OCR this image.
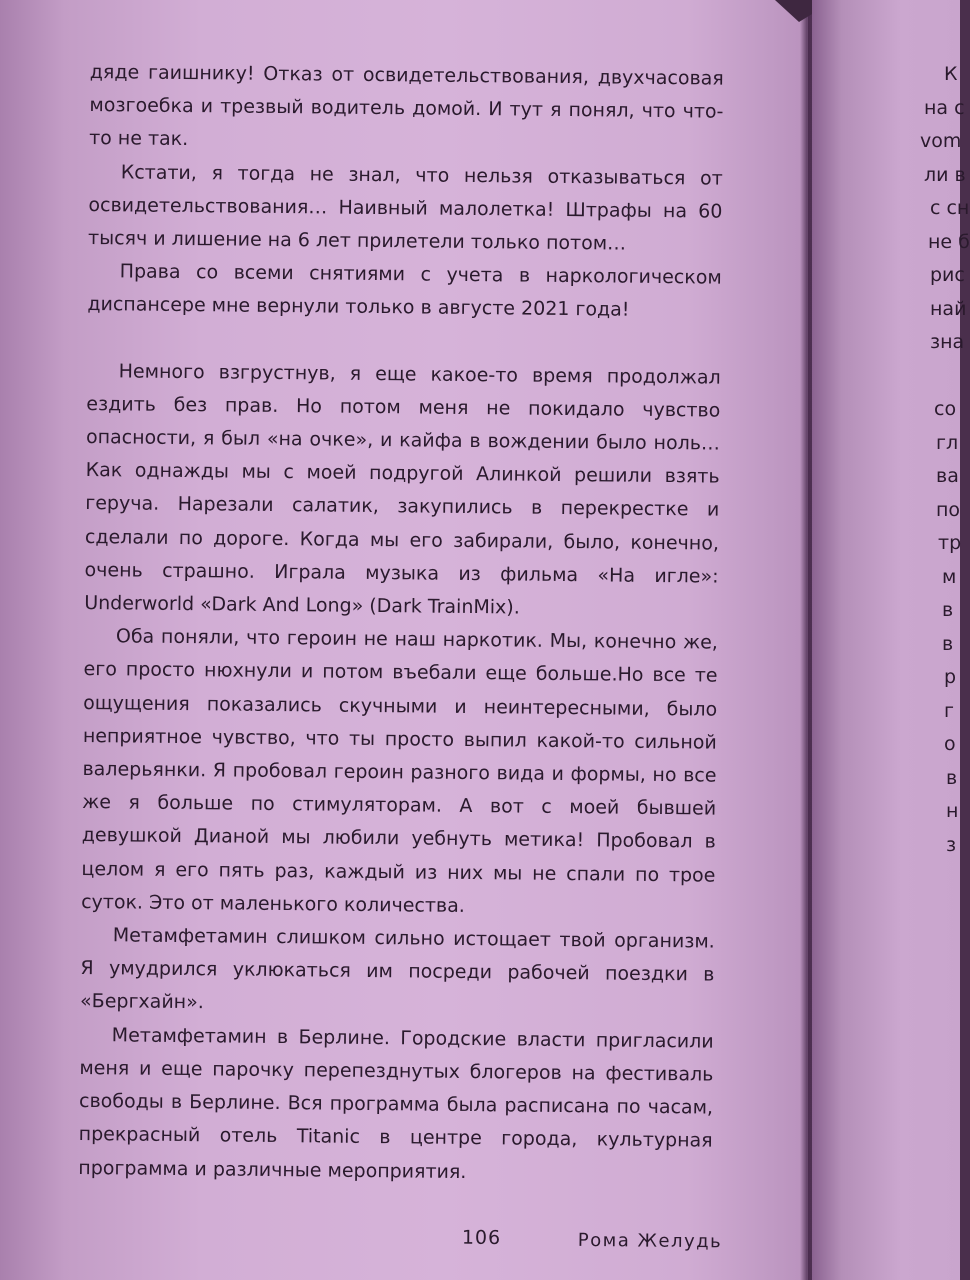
дяде гаишнику! Отказ от освидетельствования, двухчасовая мозгоебка и трезвый водитель домой. И тут я понял, что что-то не так.

Кстати, я тогда не знал, что нельзя отказываться от освидетельствования… Наивный малолетка! Штрафы на 60 тысяч и лишение на 6 лет прилетели только потом…

Права со всеми снятиями с учета в наркологическом диспансере мне вернули только в августе 2021 года!

Немного взгрустнув, я еще какое-то время продолжал ездить без прав. Но потом меня не покидало чувство опасности, я был «на очке», и кайфа в вождении было ноль… Как однажды мы с моей подругой Алинкой решили взять геруча. Нарезали салатик, закупились в перекрестке и сделали по дороге. Когда мы его забирали, было, конечно, очень страшно. Играла музыка из фильма «На игле»: Underworld «Dark And Long» (Dark TrainMix).

Оба поняли, что героин не наш наркотик. Мы, конечно же, его просто нюхнули и потом въебали еще больше.Но все те ощущения показались скучными и неинтересными, было неприятное чувство, что ты просто выпил какой-то сильной валерьянки. Я пробовал героин разного вида и формы, но все же я больше по стимуляторам. А вот с моей бывшей девушкой Дианой мы любили уебнуть метика! Пробовал в целом я его пять раз, каждый из них мы не спали по трое суток. Это от маленького количества.

Метамфетамин слишком сильно истощает твой организм. Я умудрился уклюкаться им посреди рабочей поездки в «Бергхайн».

Метамфетамин в Берлине. Городские власти пригласили меня и еще парочку перепезднутых блогеров на фестиваль свободы в Берлине. Вся программа была расписана по часам, прекрасный отель Titanic в центре города, культурная программа и различные мероприятия.

106	Рома Желудь
К
на с
vom
ли в
с сн
не б
рис
най
зна
со
гл
ва
по
тр
м
в
в
р
г
о
в
н
з
